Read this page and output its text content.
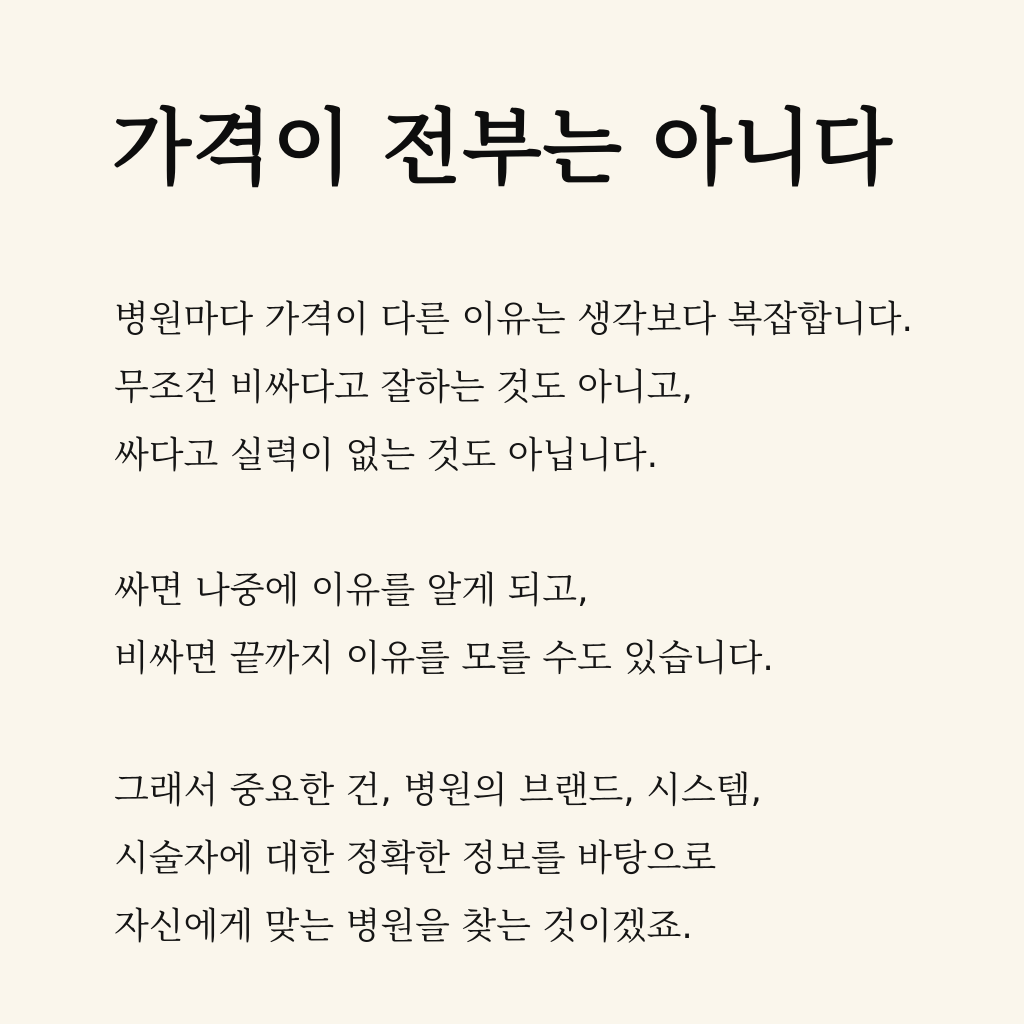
가격이 전부는 아니다

병원마다 가격이 다른 이유는 생각보다 복잡합니다.
무조건 비싸다고 잘하는 것도 아니고,
싸다고 실력이 없는 것도 아닙니다.

싸면 나중에 이유를 알게 되고,
비싸면 끝까지 이유를 모를 수도 있습니다.

그래서 중요한 건, 병원의 브랜드, 시스템,
시술자에 대한 정확한 정보를 바탕으로
자신에게 맞는 병원을 찾는 것이겠죠.
